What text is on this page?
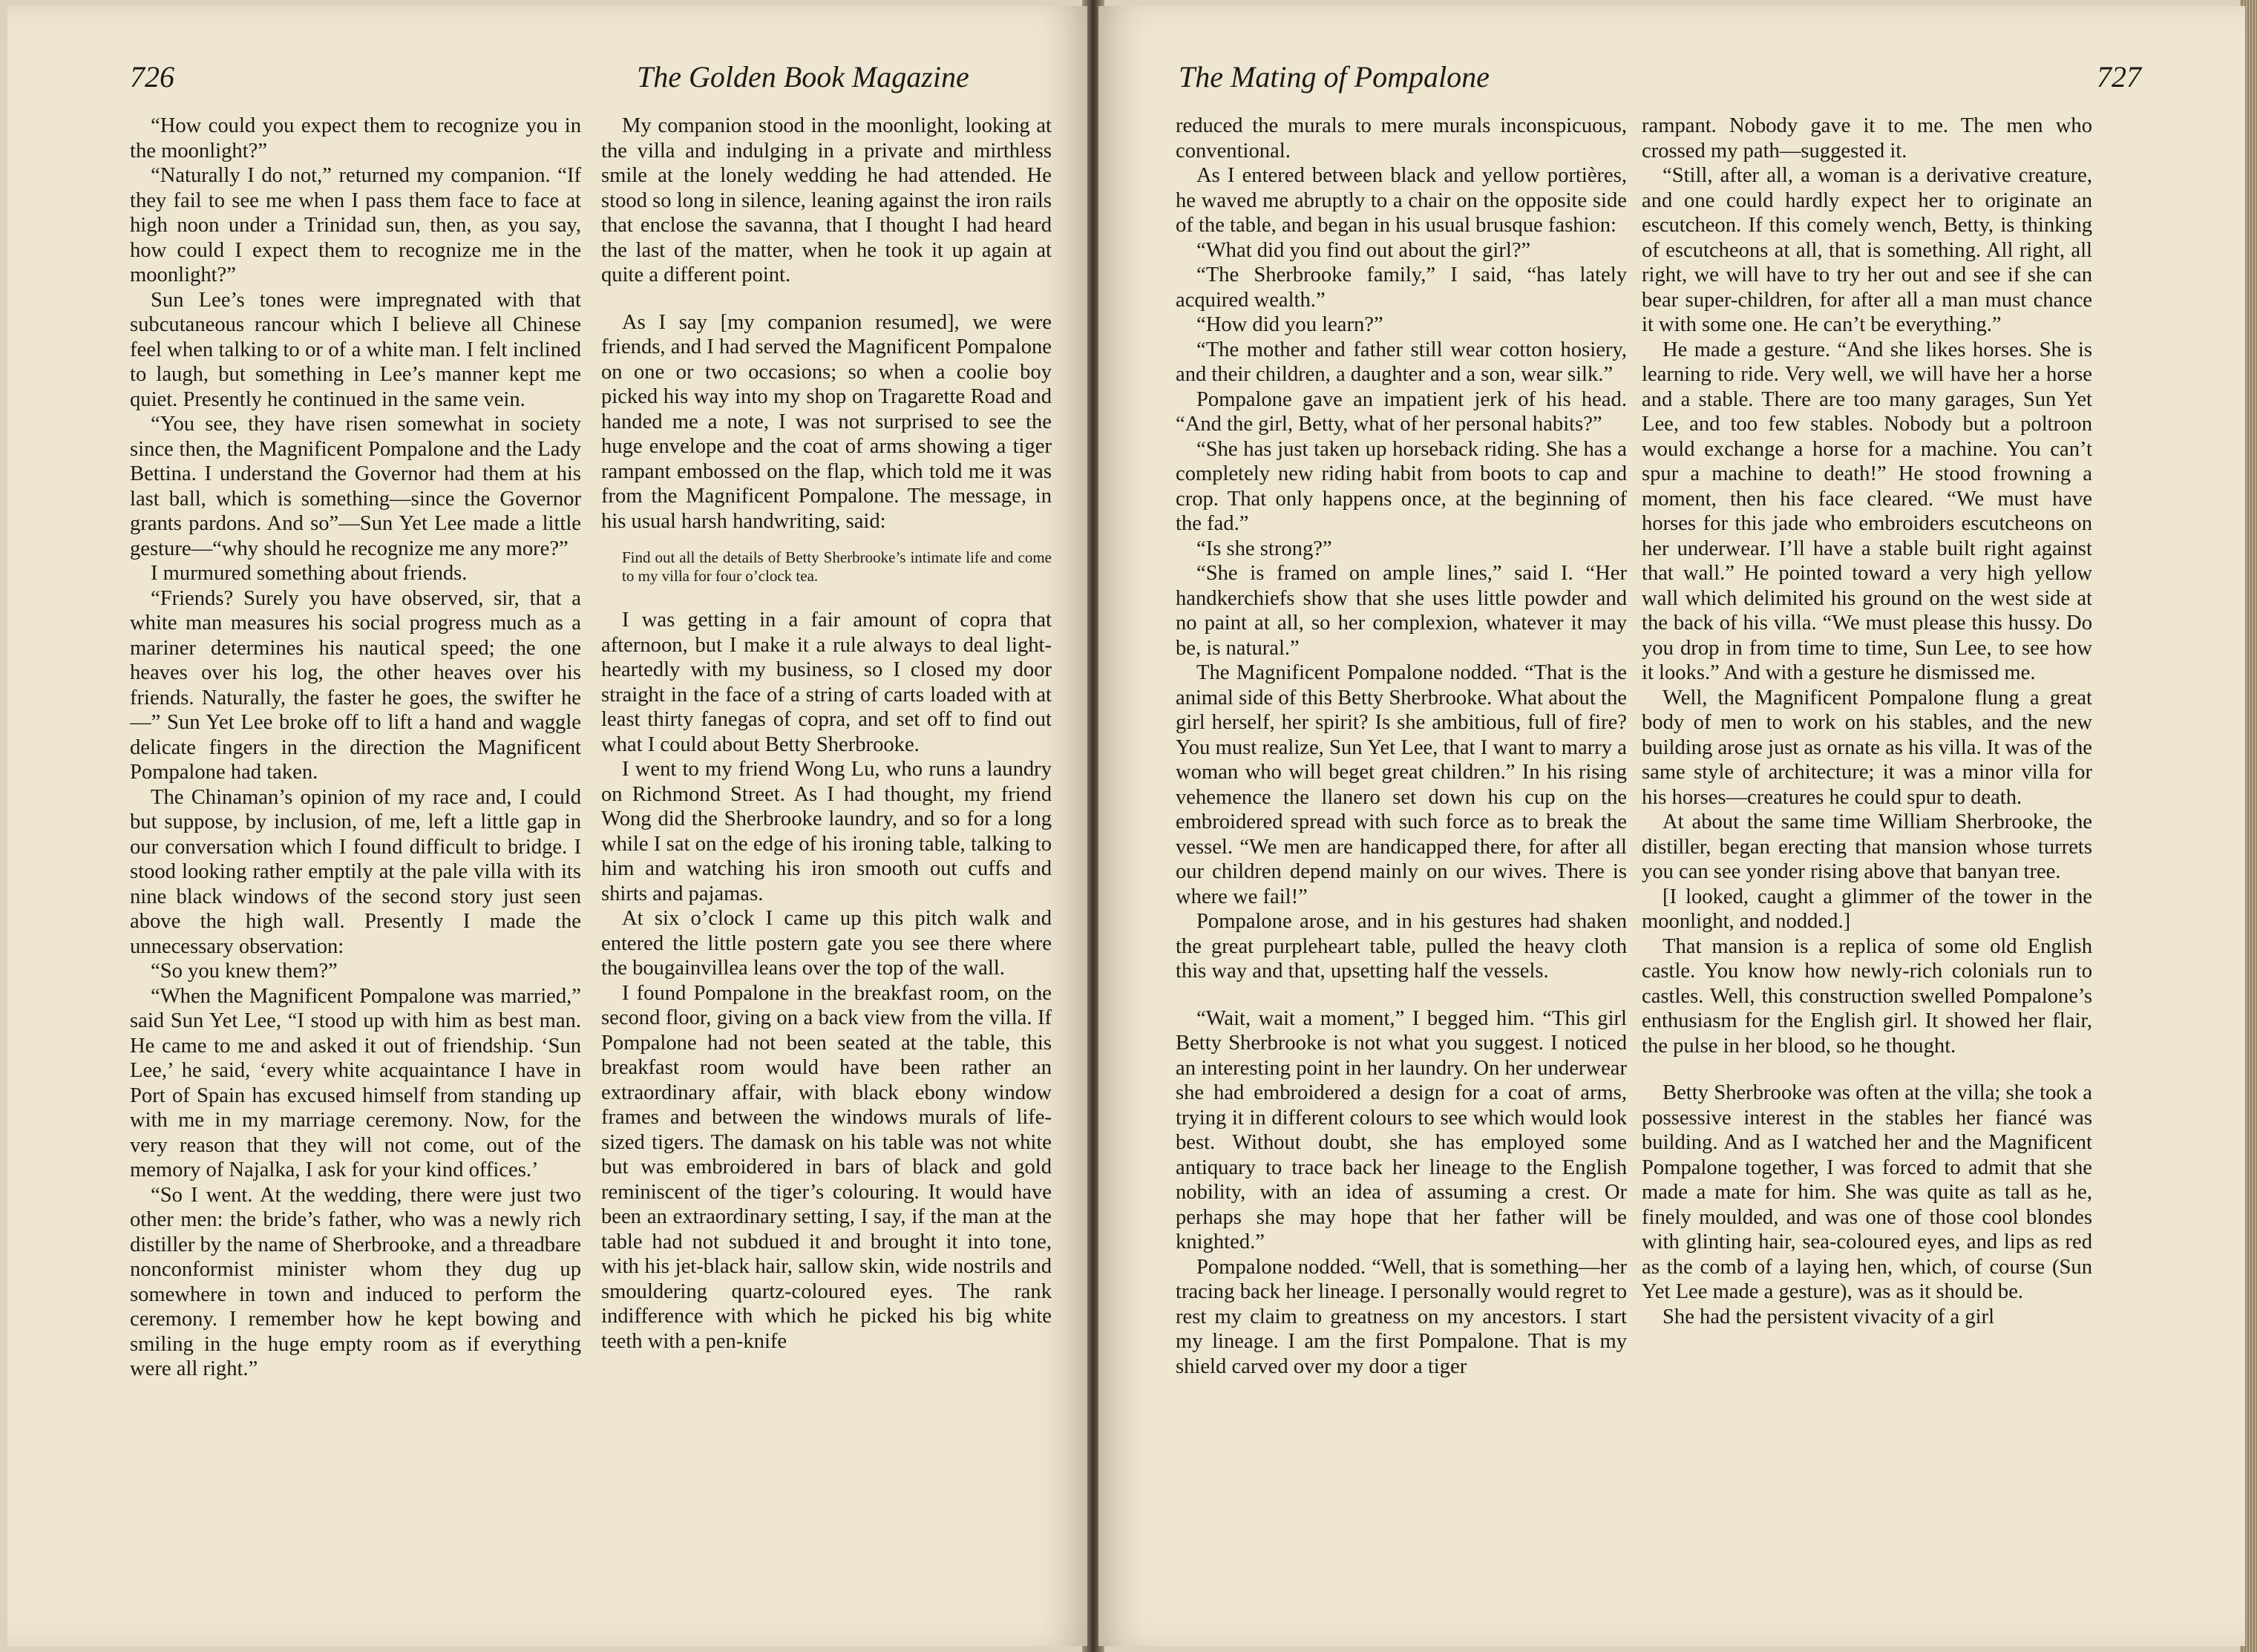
726	The Golden Book Magazine

“How could you expect them to recognize you in the moonlight?”

“Naturally I do not,” returned my companion. “If they fail to see me when I pass them face to face at high noon under a Trinidad sun, then, as you say, how could I expect them to recognize me in the moonlight?”

Sun Lee’s tones were impregnated with that subcutaneous rancour which I believe all Chinese feel when talking to or of a white man. I felt inclined to laugh, but something in Lee’s manner kept me quiet. Presently he continued in the same vein.

“You see, they have risen somewhat in society since then, the Magnificent Pompalone and the Lady Bettina. I understand the Governor had them at his last ball, which is something—since the Governor grants pardons. And so”—Sun Yet Lee made a little gesture—“why should he recognize me any more?”

I murmured something about friends.

“Friends? Surely you have observed, sir, that a white man measures his social progress much as a mariner determines his nautical speed; the one heaves over his log, the other heaves over his friends. Naturally, the faster he goes, the swifter he—” Sun Yet Lee broke off to lift a hand and waggle delicate fingers in the direction the Magnificent Pompalone had taken.

The Chinaman’s opinion of my race and, I could but suppose, by inclusion, of me, left a little gap in our conversation which I found difficult to bridge. I stood looking rather emptily at the pale villa with its nine black windows of the second story just seen above the high wall. Presently I made the unnecessary observation:

“So you knew them?”

“When the Magnificent Pompalone was married,” said Sun Yet Lee, “I stood up with him as best man. He came to me and asked it out of friendship. ‘Sun Lee,’ he said, ‘every white acquaintance I have in Port of Spain has excused himself from standing up with me in my marriage ceremony. Now, for the very reason that they will not come, out of the memory of Najalka, I ask for your kind offices.’

“So I went. At the wedding, there were just two other men: the bride’s father, who was a newly rich distiller by the name of Sherbrooke, and a threadbare nonconformist minister whom they dug up somewhere in town and induced to perform the ceremony. I remember how he kept bowing and smiling in the huge empty room as if everything were all right.”

My companion stood in the moonlight, looking at the villa and indulging in a private and mirthless smile at the lonely wedding he had attended. He stood so long in silence, leaning against the iron rails that enclose the savanna, that I thought I had heard the last of the matter, when he took it up again at quite a different point.

As I say [my companion resumed], we were friends, and I had served the Magnificent Pompalone on one or two occasions; so when a coolie boy picked his way into my shop on Tragarette Road and handed me a note, I was not surprised to see the huge envelope and the coat of arms showing a tiger rampant embossed on the flap, which told me it was from the Magnificent Pompalone. The message, in his usual harsh handwriting, said:

Find out all the details of Betty Sherbrooke’s intimate life and come to my villa for four o’clock tea.

I was getting in a fair amount of copra that afternoon, but I make it a rule always to deal light-heartedly with my business, so I closed my door straight in the face of a string of carts loaded with at least thirty fanegas of copra, and set off to find out what I could about Betty Sherbrooke.

I went to my friend Wong Lu, who runs a laundry on Richmond Street. As I had thought, my friend Wong did the Sherbrooke laundry, and so for a long while I sat on the edge of his ironing table, talking to him and watching his iron smooth out cuffs and shirts and pajamas.

At six o’clock I came up this pitch walk and entered the little postern gate you see there where the bougainvillea leans over the top of the wall.

I found Pompalone in the breakfast room, on the second floor, giving on a back view from the villa. If Pompalone had not been seated at the table, this breakfast room would have been rather an extraordinary affair, with black ebony window frames and between the windows murals of life-sized tigers. The damask on his table was not white but was embroidered in bars of black and gold reminiscent of the tiger’s colouring. It would have been an extraordinary setting, I say, if the man at the table had not subdued it and brought it into tone, with his jet-black hair, sallow skin, wide nostrils and smouldering quartz-coloured eyes. The rank indifference with which he picked his big white teeth with a pen-knife

The Mating of Pompalone	727

reduced the murals to mere murals inconspicuous, conventional.

As I entered between black and yellow portières, he waved me abruptly to a chair on the opposite side of the table, and began in his usual brusque fashion:

“What did you find out about the girl?”

“The Sherbrooke family,” I said, “has lately acquired wealth.”

“How did you learn?”

“The mother and father still wear cotton hosiery, and their children, a daughter and a son, wear silk.”

Pompalone gave an impatient jerk of his head. “And the girl, Betty, what of her personal habits?”

“She has just taken up horseback riding. She has a completely new riding habit from boots to cap and crop. That only happens once, at the beginning of the fad.”

“Is she strong?”

“She is framed on ample lines,” said I. “Her handkerchiefs show that she uses little powder and no paint at all, so her complexion, whatever it may be, is natural.”

The Magnificent Pompalone nodded. “That is the animal side of this Betty Sherbrooke. What about the girl herself, her spirit? Is she ambitious, full of fire? You must realize, Sun Yet Lee, that I want to marry a woman who will beget great children.” In his rising vehemence the llanero set down his cup on the embroidered spread with such force as to break the vessel. “We men are handicapped there, for after all our children depend mainly on our wives. There is where we fail!”

Pompalone arose, and in his gestures had shaken the great purpleheart table, pulled the heavy cloth this way and that, upsetting half the vessels.

“Wait, wait a moment,” I begged him. “This girl Betty Sherbrooke is not what you suggest. I noticed an interesting point in her laundry. On her underwear she had embroidered a design for a coat of arms, trying it in different colours to see which would look best. Without doubt, she has employed some antiquary to trace back her lineage to the English nobility, with an idea of assuming a crest. Or perhaps she may hope that her father will be knighted.”

Pompalone nodded. “Well, that is something—her tracing back her lineage. I personally would regret to rest my claim to greatness on my ancestors. I start my lineage. I am the first Pompalone. That is my shield carved over my door a tiger

rampant. Nobody gave it to me. The men who crossed my path—suggested it.

“Still, after all, a woman is a derivative creature, and one could hardly expect her to originate an escutcheon. If this comely wench, Betty, is thinking of escutcheons at all, that is something. All right, all right, we will have to try her out and see if she can bear super-children, for after all a man must chance it with some one. He can’t be everything.”

He made a gesture. “And she likes horses. She is learning to ride. Very well, we will have her a horse and a stable. There are too many garages, Sun Yet Lee, and too few stables. Nobody but a poltroon would exchange a horse for a machine. You can’t spur a machine to death!” He stood frowning a moment, then his face cleared. “We must have horses for this jade who embroiders escutcheons on her underwear. I’ll have a stable built right against that wall.” He pointed toward a very high yellow wall which delimited his ground on the west side at the back of his villa. “We must please this hussy. Do you drop in from time to time, Sun Lee, to see how it looks.” And with a gesture he dismissed me.

Well, the Magnificent Pompalone flung a great body of men to work on his stables, and the new building arose just as ornate as his villa. It was of the same style of architecture; it was a minor villa for his horses—creatures he could spur to death.

At about the same time William Sherbrooke, the distiller, began erecting that mansion whose turrets you can see yonder rising above that banyan tree.

[I looked, caught a glimmer of the tower in the moonlight, and nodded.]

That mansion is a replica of some old English castle. You know how newly-rich colonials run to castles. Well, this construction swelled Pompalone’s enthusiasm for the English girl. It showed her flair, the pulse in her blood, so he thought.

Betty Sherbrooke was often at the villa; she took a possessive interest in the stables her fiancé was building. And as I watched her and the Magnificent Pompalone together, I was forced to admit that she made a mate for him. She was quite as tall as he, finely moulded, and was one of those cool blondes with glinting hair, sea-coloured eyes, and lips as red as the comb of a laying hen, which, of course (Sun Yet Lee made a gesture), was as it should be.

She had the persistent vivacity of a girl
